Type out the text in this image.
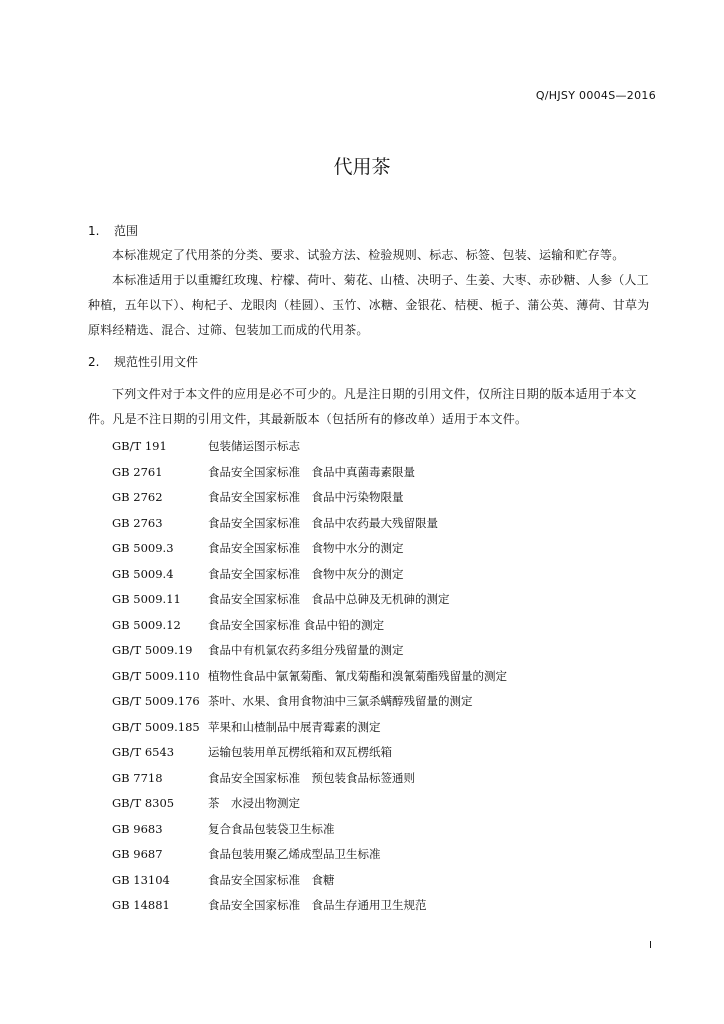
Q/HJSY 0004S—2016
代用茶
1. 范围
本标准规定了代用茶的分类、要求、试验方法、检验规则、标志、标签、包装、运输和贮存等。
本标准适用于以重瓣红玫瑰、柠檬、荷叶、菊花、山楂、决明子、生姜、大枣、赤砂糖、人参（人工种植，五年以下）、枸杞子、龙眼肉（桂圆）、玉竹、冰糖、金银花、桔梗、栀子、蒲公英、薄荷、甘草为原料经精选、混合、过筛、包装加工而成的代用茶。
2. 规范性引用文件
下列文件对于本文件的应用是必不可少的。凡是注日期的引用文件，仅所注日期的版本适用于本文件。凡是不注日期的引用文件，其最新版本（包括所有的修改单）适用于本文件。
GB/T 191	包装储运图示标志
GB 2761	食品安全国家标准　食品中真菌毒素限量
GB 2762	食品安全国家标准　食品中污染物限量
GB 2763	食品安全国家标准　食品中农药最大残留限量
GB 5009.3	食品安全国家标准　食物中水分的测定
GB 5009.4	食品安全国家标准　食物中灰分的测定
GB 5009.11 食品安全国家标准　食品中总砷及无机砷的测定
GB 5009.12 食品安全国家标准 食品中铅的测定
GB/T 5009.19 食品中有机氯农药多组分残留量的测定
GB/T 5009.110 植物性食品中氯氰菊酯、氰戊菊酯和溴氰菊酯残留量的测定
GB/T 5009.176 茶叶、水果、食用食物油中三氯杀螨醇残留量的测定
GB/T 5009.185 苹果和山楂制品中展青霉素的测定
GB/T 6543	运输包装用单瓦楞纸箱和双瓦楞纸箱
GB 7718	食品安全国家标准　预包装食品标签通则
GB/T 8305	茶　水浸出物测定
GB 9683	复合食品包装袋卫生标准
GB 9687	食品包装用聚乙烯成型品卫生标准
GB 13104	食品安全国家标准　食糖
GB 14881	食品安全国家标准　食品生存通用卫生规范
I
